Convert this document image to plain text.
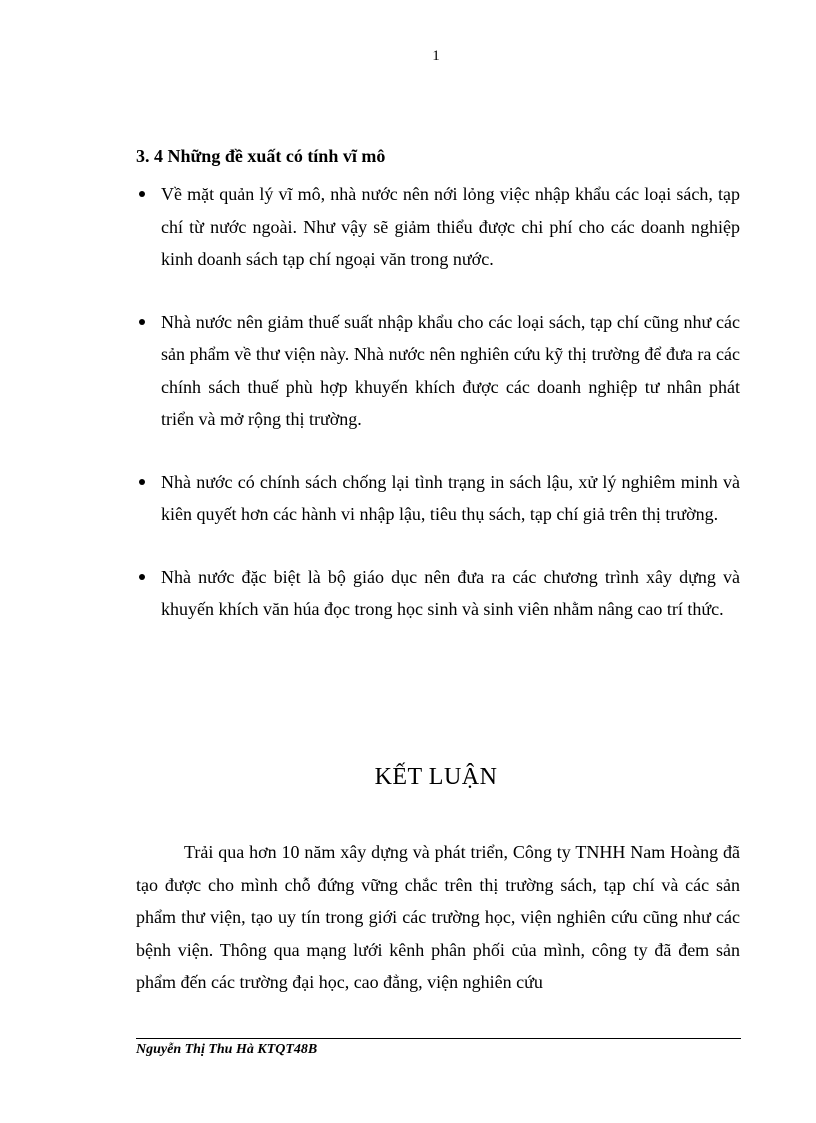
1
3. 4 Những đề xuất có tính vĩ mô
Về mặt quản lý vĩ mô, nhà nước nên nới lỏng việc nhập khẩu các loại sách, tạp chí từ nước ngoài. Như vậy sẽ giảm thiểu được chi phí cho các doanh nghiệp kinh doanh sách tạp chí ngoại văn trong nước.
Nhà nước nên giảm thuế suất nhập khẩu cho các loại sách, tạp chí cũng như các sản phẩm về thư viện này. Nhà nước nên nghiên cứu kỹ thị trường để đưa ra các chính sách thuế phù hợp khuyến khích được các doanh nghiệp tư nhân phát triển và mở rộng thị trường.
Nhà nước có chính sách chống lại tình trạng in sách lậu, xử lý nghiêm minh và kiên quyết hơn các hành vi nhập lậu, tiêu thụ sách, tạp chí giả trên thị trường.
Nhà nước đặc biệt là bộ giáo dục nên đưa ra các chương trình xây dựng và khuyến khích văn húa đọc trong học sinh và sinh viên nhằm nâng cao trí thức.
KẾT LUẬN

Trải qua hơn 10 năm xây dựng và phát triển, Công ty TNHH Nam Hoàng đã tạo được cho mình chỗ đứng vững chắc trên thị trường sách, tạp chí và các sản phẩm thư viện, tạo uy tín trong giới các trường học, viện nghiên cứu cũng như các bệnh viện. Thông qua mạng lưới kênh phân phối của mình, công ty đã đem sản phẩm đến các trường đại học, cao đẳng, viện nghiên cứu

Nguyễn Thị Thu Hà KTQT48B
